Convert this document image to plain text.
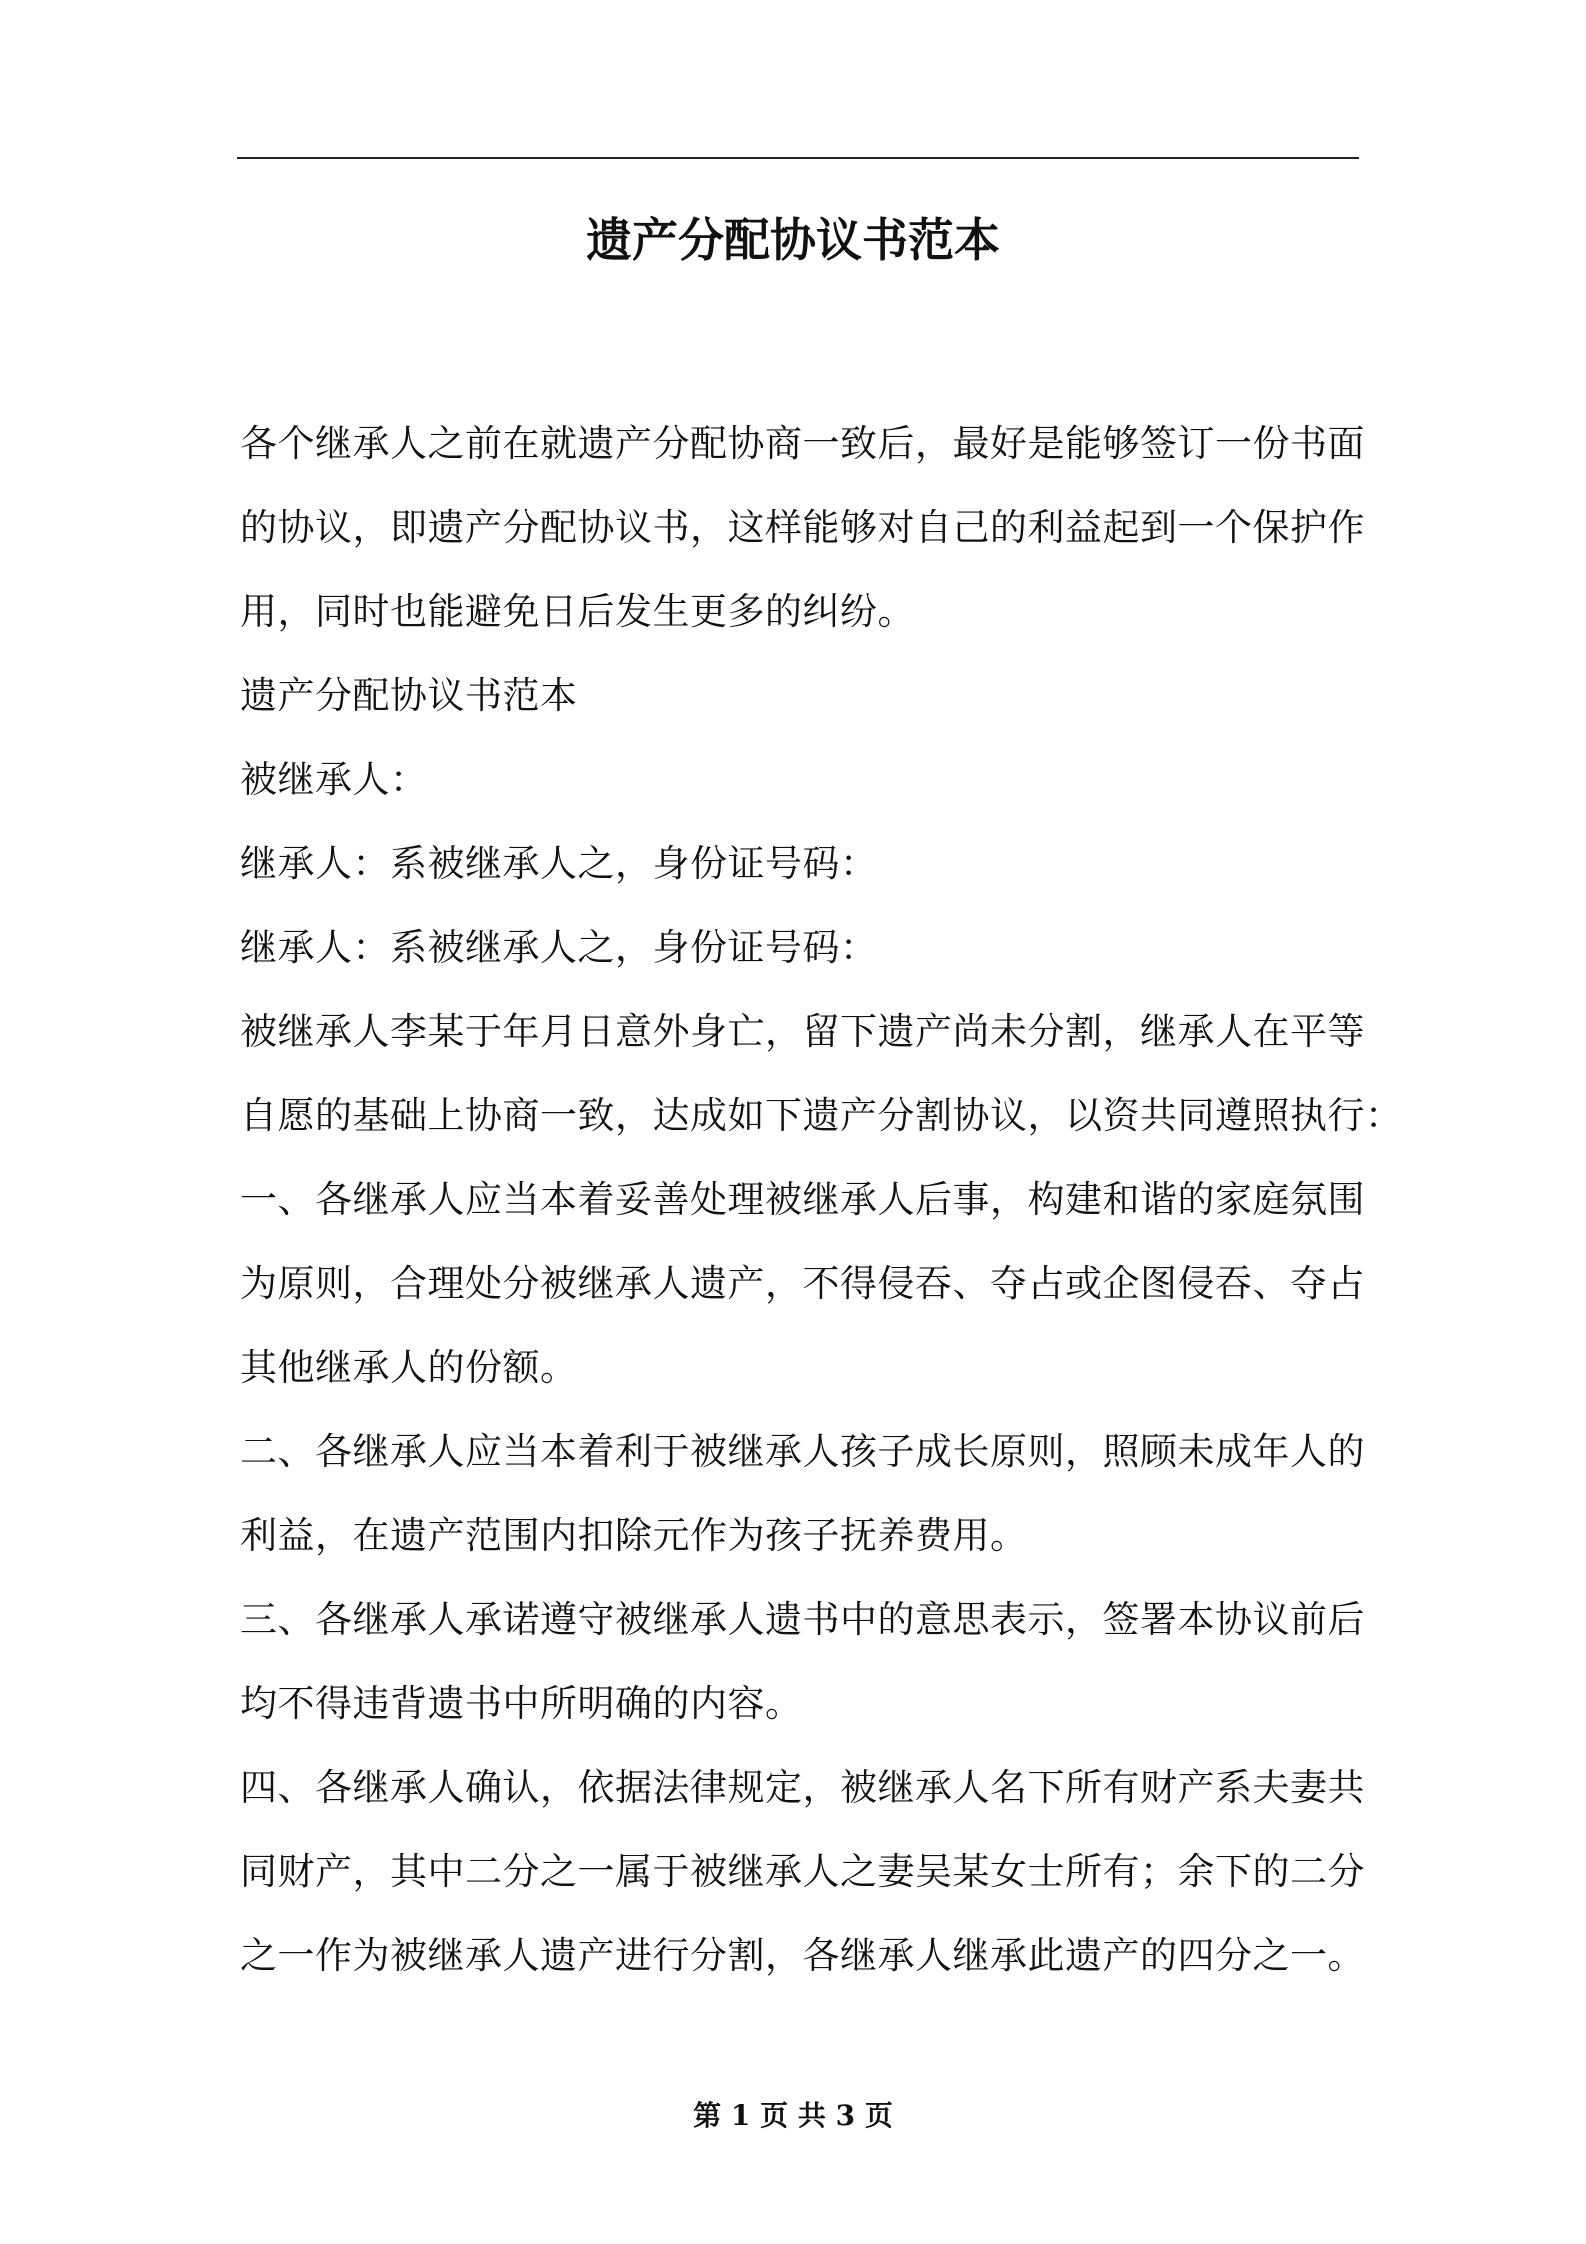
遗产分配协议书范本
各个继承人之前在就遗产分配协商一致后，最好是能够签订一份书面
的协议，即遗产分配协议书，这样能够对自己的利益起到一个保护作
用，同时也能避免日后发生更多的纠纷。
遗产分配协议书范本
被继承人：
继承人：系被继承人之，身份证号码：
继承人：系被继承人之，身份证号码：
被继承人李某于年月日意外身亡，留下遗产尚未分割，继承人在平等
自愿的基础上协商一致，达成如下遗产分割协议，以资共同遵照执行：
一、各继承人应当本着妥善处理被继承人后事，构建和谐的家庭氛围
为原则，合理处分被继承人遗产，不得侵吞、夺占或企图侵吞、夺占
其他继承人的份额。
二、各继承人应当本着利于被继承人孩子成长原则，照顾未成年人的
利益，在遗产范围内扣除元作为孩子抚养费用。
三、各继承人承诺遵守被继承人遗书中的意思表示，签署本协议前后
均不得违背遗书中所明确的内容。
四、各继承人确认，依据法律规定，被继承人名下所有财产系夫妻共
同财产，其中二分之一属于被继承人之妻吴某女士所有；余下的二分
之一作为被继承人遗产进行分割，各继承人继承此遗产的四分之一。
第 1 页 共 3 页
